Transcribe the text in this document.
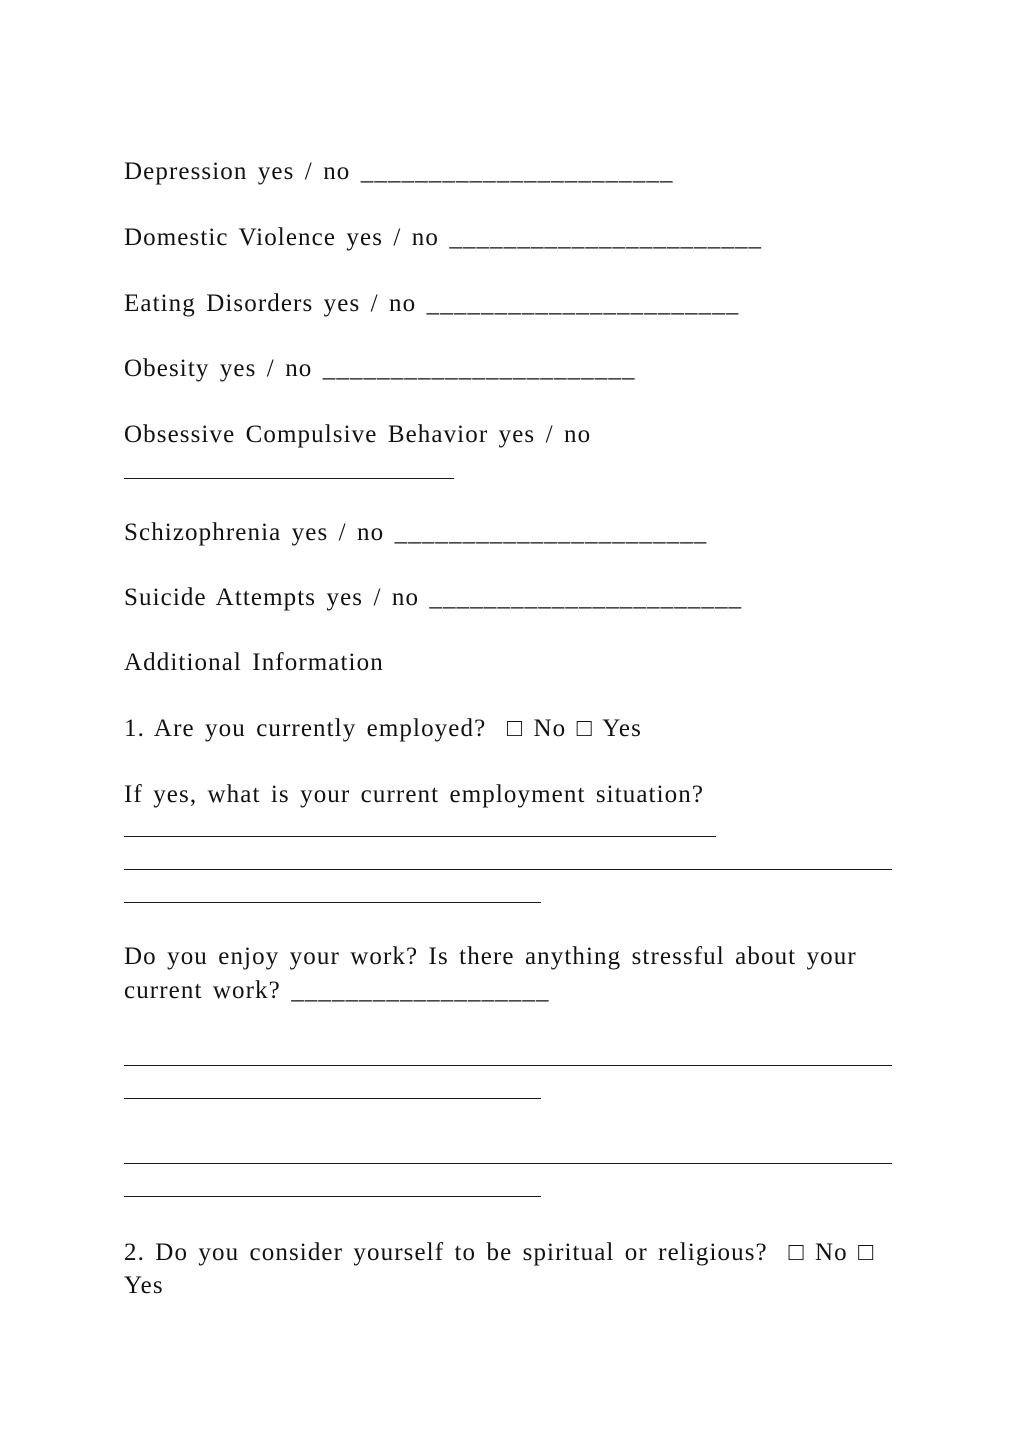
Depression yes / no _______________________

Domestic Violence yes / no _______________________

Eating Disorders yes / no _______________________

Obesity yes / no _______________________

Obsessive Compulsive Behavior yes / no

Schizophrenia yes / no _______________________

Suicide Attempts yes / no _______________________

Additional Information

1. Are you currently employed? □ No □ Yes

If yes, what is your current employment situation?

Do you enjoy your work? Is there anything stressful about your

current work? ___________________

2. Do you consider yourself to be spiritual or religious? □ No □

Yes
